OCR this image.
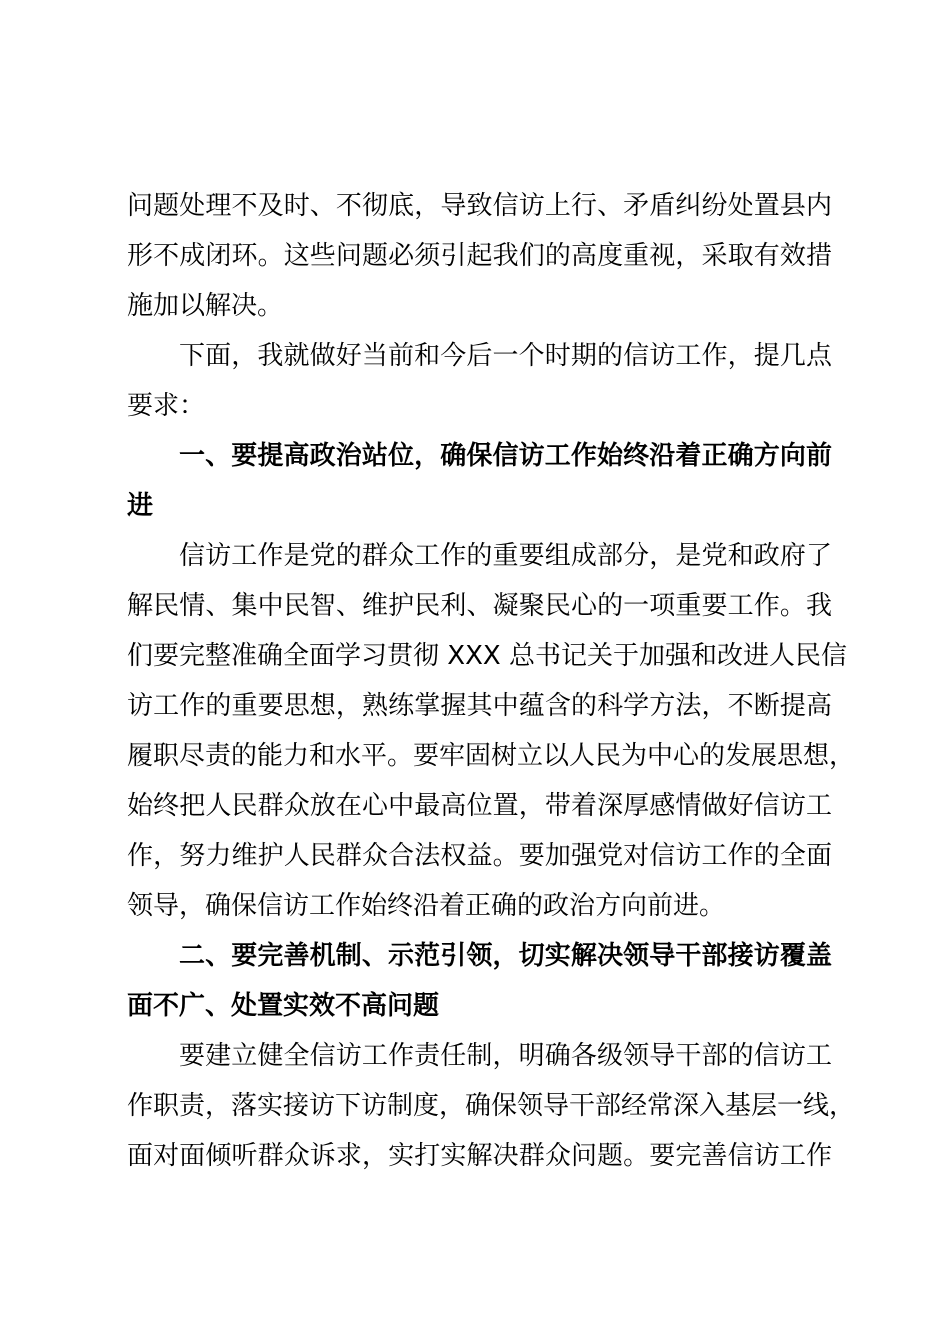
问题处理不及时、不彻底，导致信访上行、矛盾纠纷处置县内
形不成闭环。这些问题必须引起我们的高度重视，采取有效措
施加以解决。
下面，我就做好当前和今后一个时期的信访工作，提几点
要求：
一、要提高政治站位，确保信访工作始终沿着正确方向前
进
信访工作是党的群众工作的重要组成部分，是党和政府了
解民情、集中民智、维护民利、凝聚民心的一项重要工作。我
们要完整准确全面学习贯彻 XXX 总书记关于加强和改进人民信
访工作的重要思想，熟练掌握其中蕴含的科学方法，不断提高
履职尽责的能力和水平。要牢固树立以人民为中心的发展思想，
始终把人民群众放在心中最高位置，带着深厚感情做好信访工
作，努力维护人民群众合法权益。要加强党对信访工作的全面
领导，确保信访工作始终沿着正确的政治方向前进。
二、要完善机制、示范引领，切实解决领导干部接访覆盖
面不广、处置实效不高问题
要建立健全信访工作责任制，明确各级领导干部的信访工
作职责，落实接访下访制度，确保领导干部经常深入基层一线，
面对面倾听群众诉求，实打实解决群众问题。要完善信访工作
